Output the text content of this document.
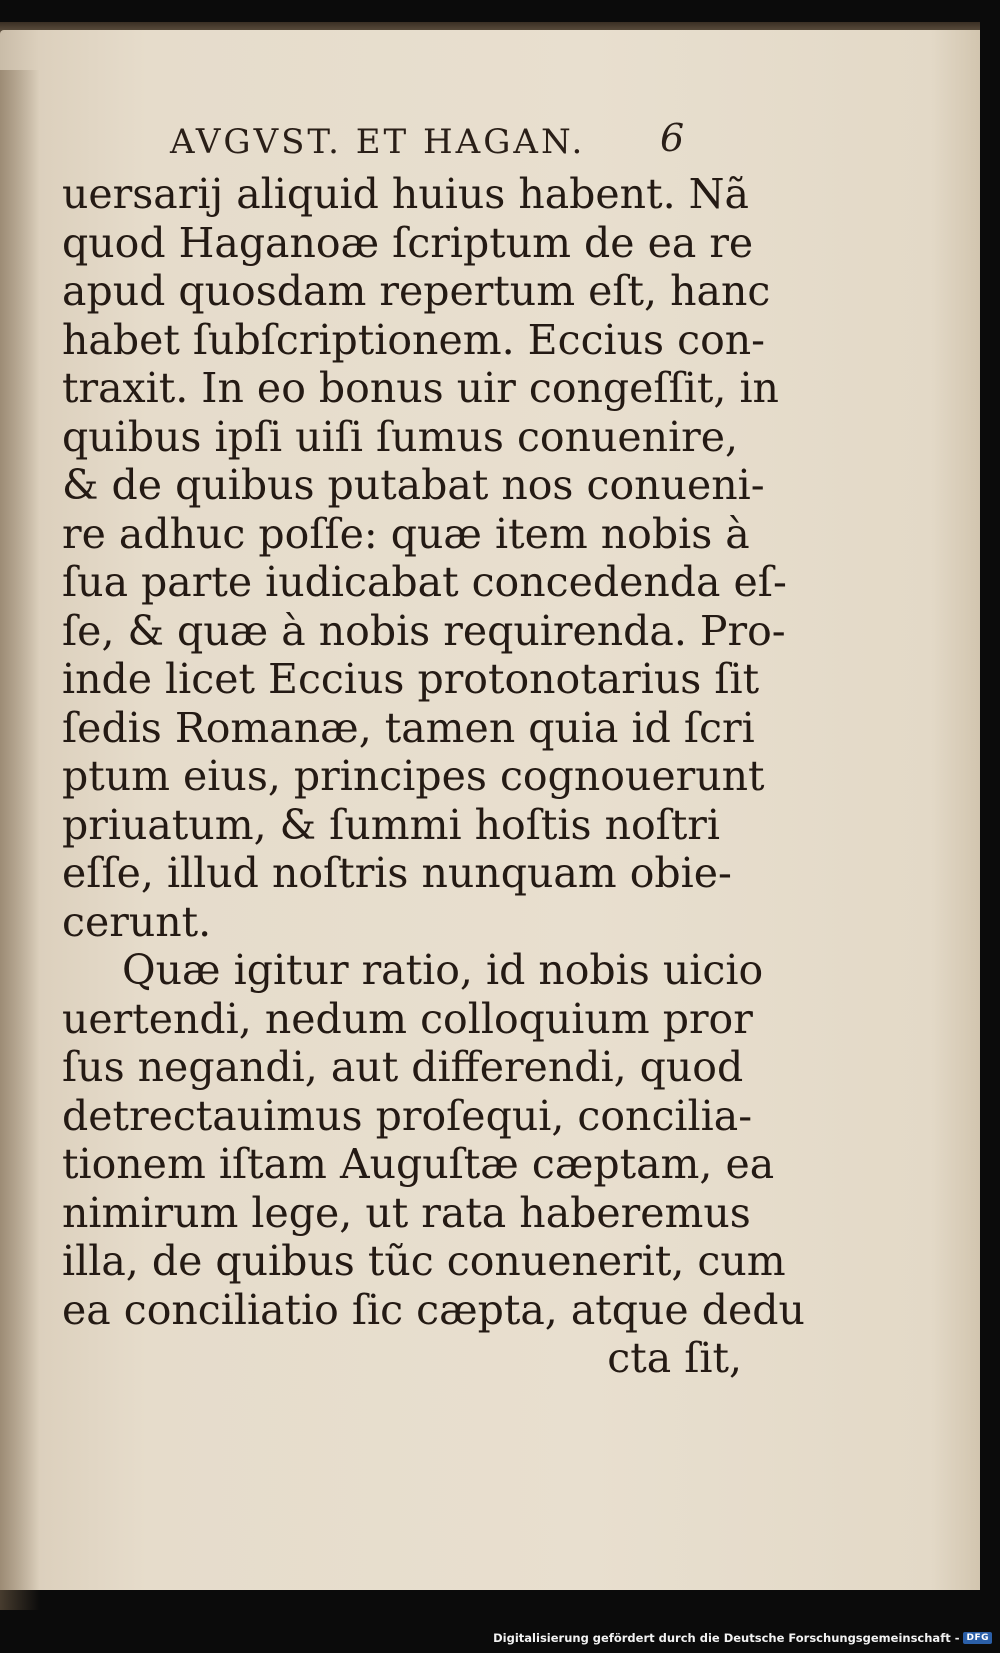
AVGVST. ET HAGAN. 6
uersarij aliquid huius habent. Nã
quod Haganoæ ſcriptum de ea re
apud quosdam repertum eſt, hanc
habet ſubſcriptionem. Eccius con-
traxit. In eo bonus uir congeſſit, in
quibus ipſi uiſi ſumus conuenire,
& de quibus putabat nos conueni-
re adhuc poſſe: quæ item nobis à
ſua parte iudicabat concedenda eſ-
ſe, & quæ à nobis requirenda. Pro-
inde licet Eccius protonotarius ſit
ſedis Romanæ, tamen quia id ſcri
ptum eius, principes cognouerunt
priuatum, & ſummi hoſtis noſtri
eſſe, illud noſtris nunquam obie-
cerunt.
Quæ igitur ratio, id nobis uicio
uertendi, nedum colloquium pror
ſus negandi, aut differendi, quod
detrectauimus proſequi, concilia-
tionem iſtam Auguſtæ cæptam, ea
nimirum lege, ut rata haberemus
illa, de quibus tũc conuenerit, cum
ea conciliatio ſic cæpta, atque dedu
cta ſit,
Digitalisierung gefördert durch die Deutsche Forschungsgemeinschaft - DFG
